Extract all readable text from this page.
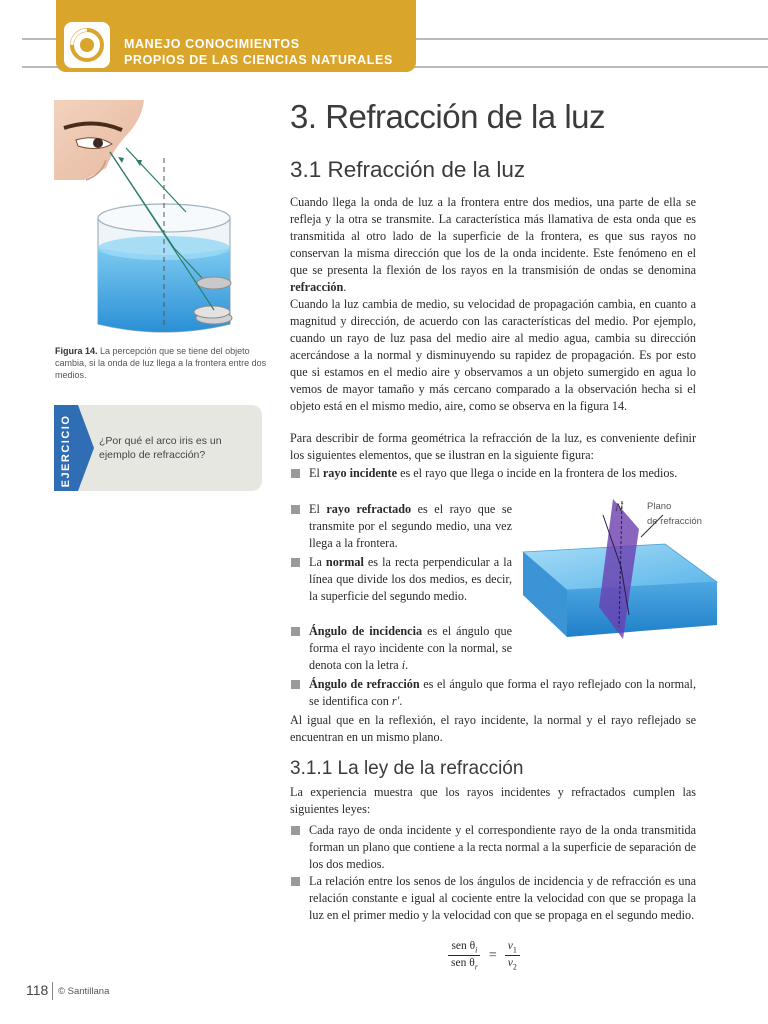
MANEJO CONOCIMIENTOS
PROPIOS DE LAS CIENCIAS NATURALES
Figura 14. La percepción que se tiene del objeto cambia, si la onda de luz llega a la frontera entre dos medios.
EJERCICIO	¿Por qué el arco iris es un ejemplo de refracción?
3. Refracción de la luz
3.1 Refracción de la luz
Cuando llega la onda de luz a la frontera entre dos medios, una parte de ella se refleja y la otra se transmite. La característica más llamativa de esta onda que es transmitida al otro lado de la superficie de la frontera, es que sus rayos no conservan la misma dirección que los de la onda incidente. Este fenómeno en el que se presenta la flexión de los rayos en la transmisión de ondas se denomina refracción.
Cuando la luz cambia de medio, su velocidad de propagación cambia, en cuanto a magnitud y dirección, de acuerdo con las características del medio. Por ejemplo, cuando un rayo de luz pasa del medio aire al medio agua, cambia su dirección acercándose a la normal y disminuyendo su rapidez de propagación. Es por esto que si estamos en el medio aire y observamos a un objeto sumergido en agua lo vemos de mayor tamaño y más cercano comparado a la observación hecha si el objeto está en el mismo medio, aire, como se observa en la figura 14.
Para describir de forma geométrica la refracción de la luz, es conveniente definir los siguientes elementos, que se ilustran en la siguiente figura:
El rayo incidente es el rayo que llega o incide en la frontera de los medios.
El rayo refractado es el rayo que se transmite por el segundo medio, una vez llega a la frontera.
La normal es la recta perpendicular a la línea que divide los dos medios, es decir, la superficie del segundo medio.
Ángulo de incidencia es el ángulo que forma el rayo incidente con la normal, se denota con la letra i.
Ángulo de refracción es el ángulo que forma el rayo reflejado con la normal, se identifica con r'.
N	Plano
de refracción
Al igual que en la reflexión, el rayo incidente, la normal y el rayo reflejado se encuentran en un mismo plano.
3.1.1 La ley de la refracción
La experiencia muestra que los rayos incidentes y refractados cumplen las siguientes leyes:
Cada rayo de onda incidente y el correspondiente rayo de la onda transmitida forman un plano que contiene a la recta normal a la superficie de separación de los dos medios.
La relación entre los senos de los ángulos de incidencia y de refracción es una relación constante e igual al cociente entre la velocidad con que se propaga la luz en el primer medio y la velocidad con que se propaga en el segundo medio.
$\frac{sen \theta_i}{sen \theta_r} = \frac{v_1}{v_2}$
118 © Santillana
